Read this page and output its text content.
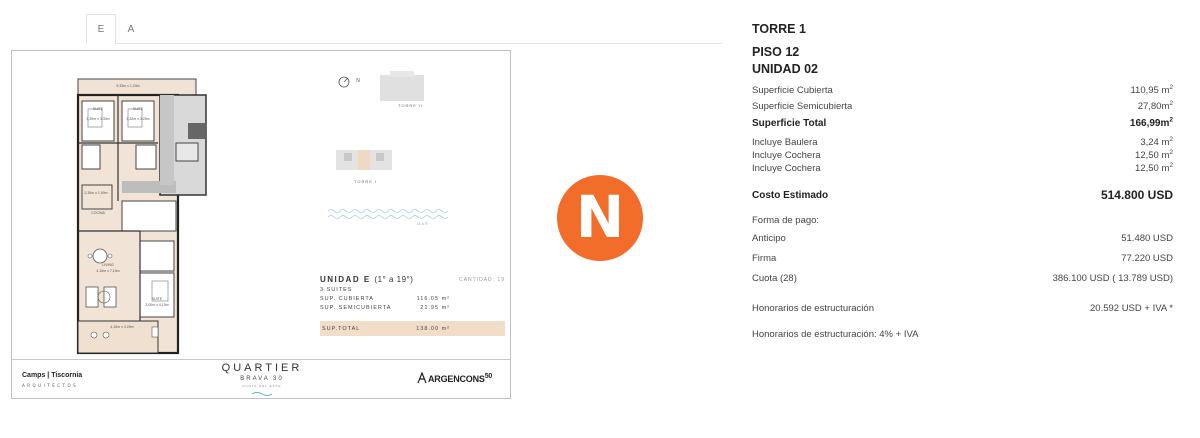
E	A
9,33m x 1,03m
SUITE
3,30m x 3,30m
SUITE
3,32m x 3,20m
2,30m x 1,90m
COCINA
LIVING
4,10m x 7,10m
SUITE
3,00m x 4,10m
4,10m x 3,20m
N
TORRE II
TORRE I
MAR
UNIDAD E (1° a 19°)	CANTIDAD: 19
3 SUITES
SUP. CUBIERTA	116.05 m²
SUP. SEMICUBIERTA	21.95 m²
SUP.TOTAL	138.00 m²
Camps | Tiscornia
ARQUITECTOS
QUARTIER
BRAVA 30
PUNTA DEL ESTE
ARGENCONS$^{50}$
N
TORRE 1
PISO 12
UNIDAD 02
Superficie Cubierta	110,95 $m^2$
Superficie Semicubierta	$27,80m^2$
Superficie Total	$166,99m^2$
Incluye Baulera	3,24 $m^2$
Incluye Cochera	12,50 $m^2$
Incluye Cochera	12,50 $m^2$
Costo Estimado	514.800 USD
Forma de pago:
Anticipo	51.480 USD
Firma	77.220 USD
Cuota (28)	386.100 USD ( 13.789 USD)
Honorarios de estructuración	20.592 USD + IVA *
Honorarios de estructuración: 4% + IVA
